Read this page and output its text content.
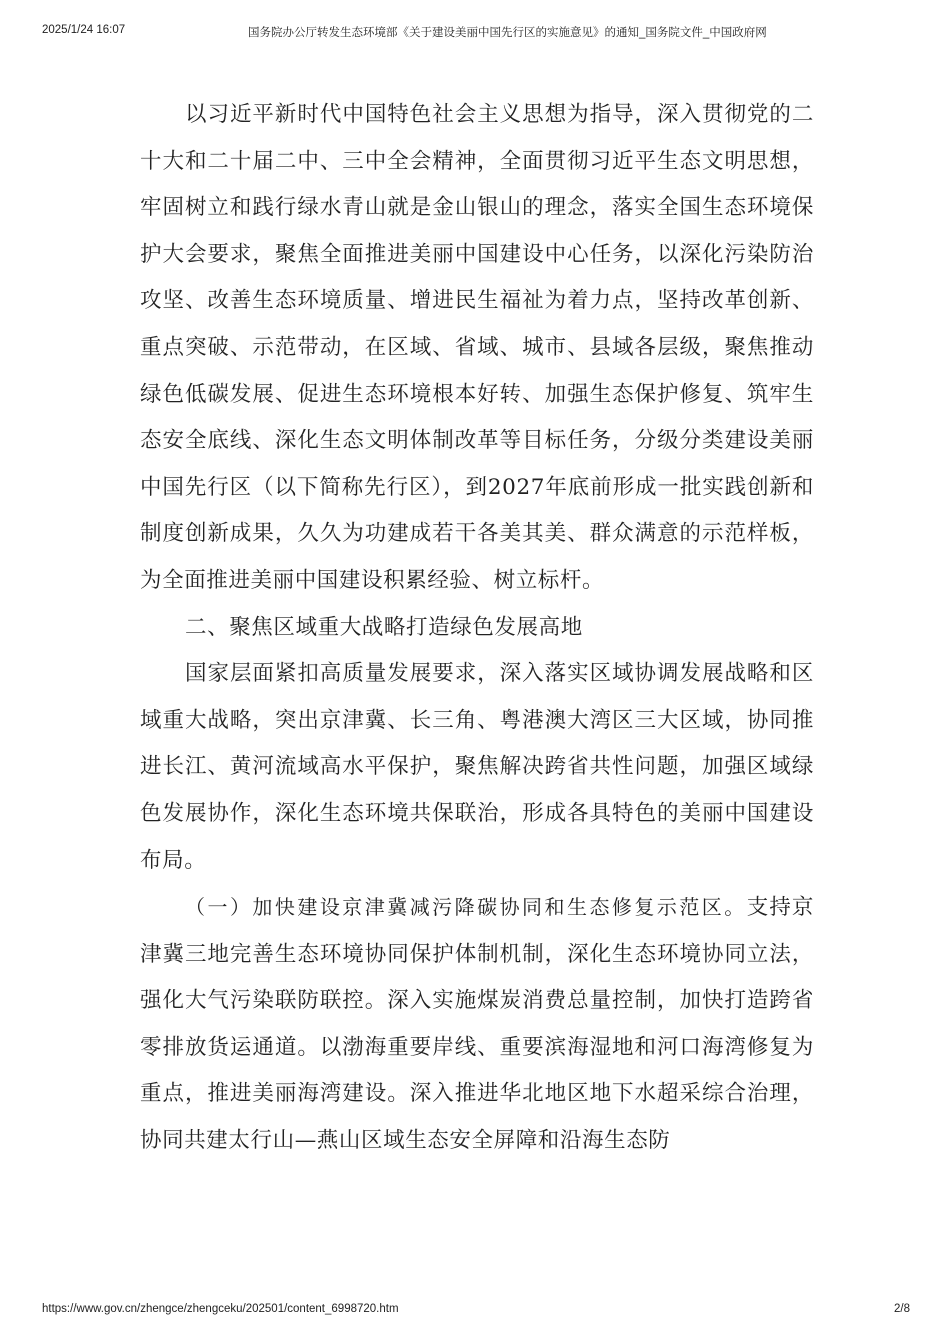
2025/1/24 16:07	国务院办公厅转发生态环境部《关于建设美丽中国先行区的实施意见》的通知_国务院文件_中国政府网

以习近平新时代中国特色社会主义思想为指导，深入贯彻党的二十大和二十届二中、三中全会精神，全面贯彻习近平生态文明思想，牢固树立和践行绿水青山就是金山银山的理念，落实全国生态环境保护大会要求，聚焦全面推进美丽中国建设中心任务，以深化污染防治攻坚、改善生态环境质量、增进民生福祉为着力点，坚持改革创新、重点突破、示范带动，在区域、省域、城市、县域各层级，聚焦推动绿色低碳发展、促进生态环境根本好转、加强生态保护修复、筑牢生态安全底线、深化生态文明体制改革等目标任务，分级分类建设美丽中国先行区（以下简称先行区），到2027年底前形成一批实践创新和制度创新成果，久久为功建成若干各美其美、群众满意的示范样板，为全面推进美丽中国建设积累经验、树立标杆。

二、聚焦区域重大战略打造绿色发展高地

国家层面紧扣高质量发展要求，深入落实区域协调发展战略和区域重大战略，突出京津冀、长三角、粤港澳大湾区三大区域，协同推进长江、黄河流域高水平保护，聚焦解决跨省共性问题，加强区域绿色发展协作，深化生态环境共保联治，形成各具特色的美丽中国建设布局。

（一）加快建设京津冀减污降碳协同和生态修复示范区。支持京津冀三地完善生态环境协同保护体制机制，深化生态环境协同立法，强化大气污染联防联控。深入实施煤炭消费总量控制，加快打造跨省零排放货运通道。以渤海重要岸线、重要滨海湿地和河口海湾修复为重点，推进美丽海湾建设。深入推进华北地区地下水超采综合治理，协同共建太行山—燕山区域生态安全屏障和沿海生态防

https://www.gov.cn/zhengce/zhengceku/202501/content_6998720.htm	2/8
